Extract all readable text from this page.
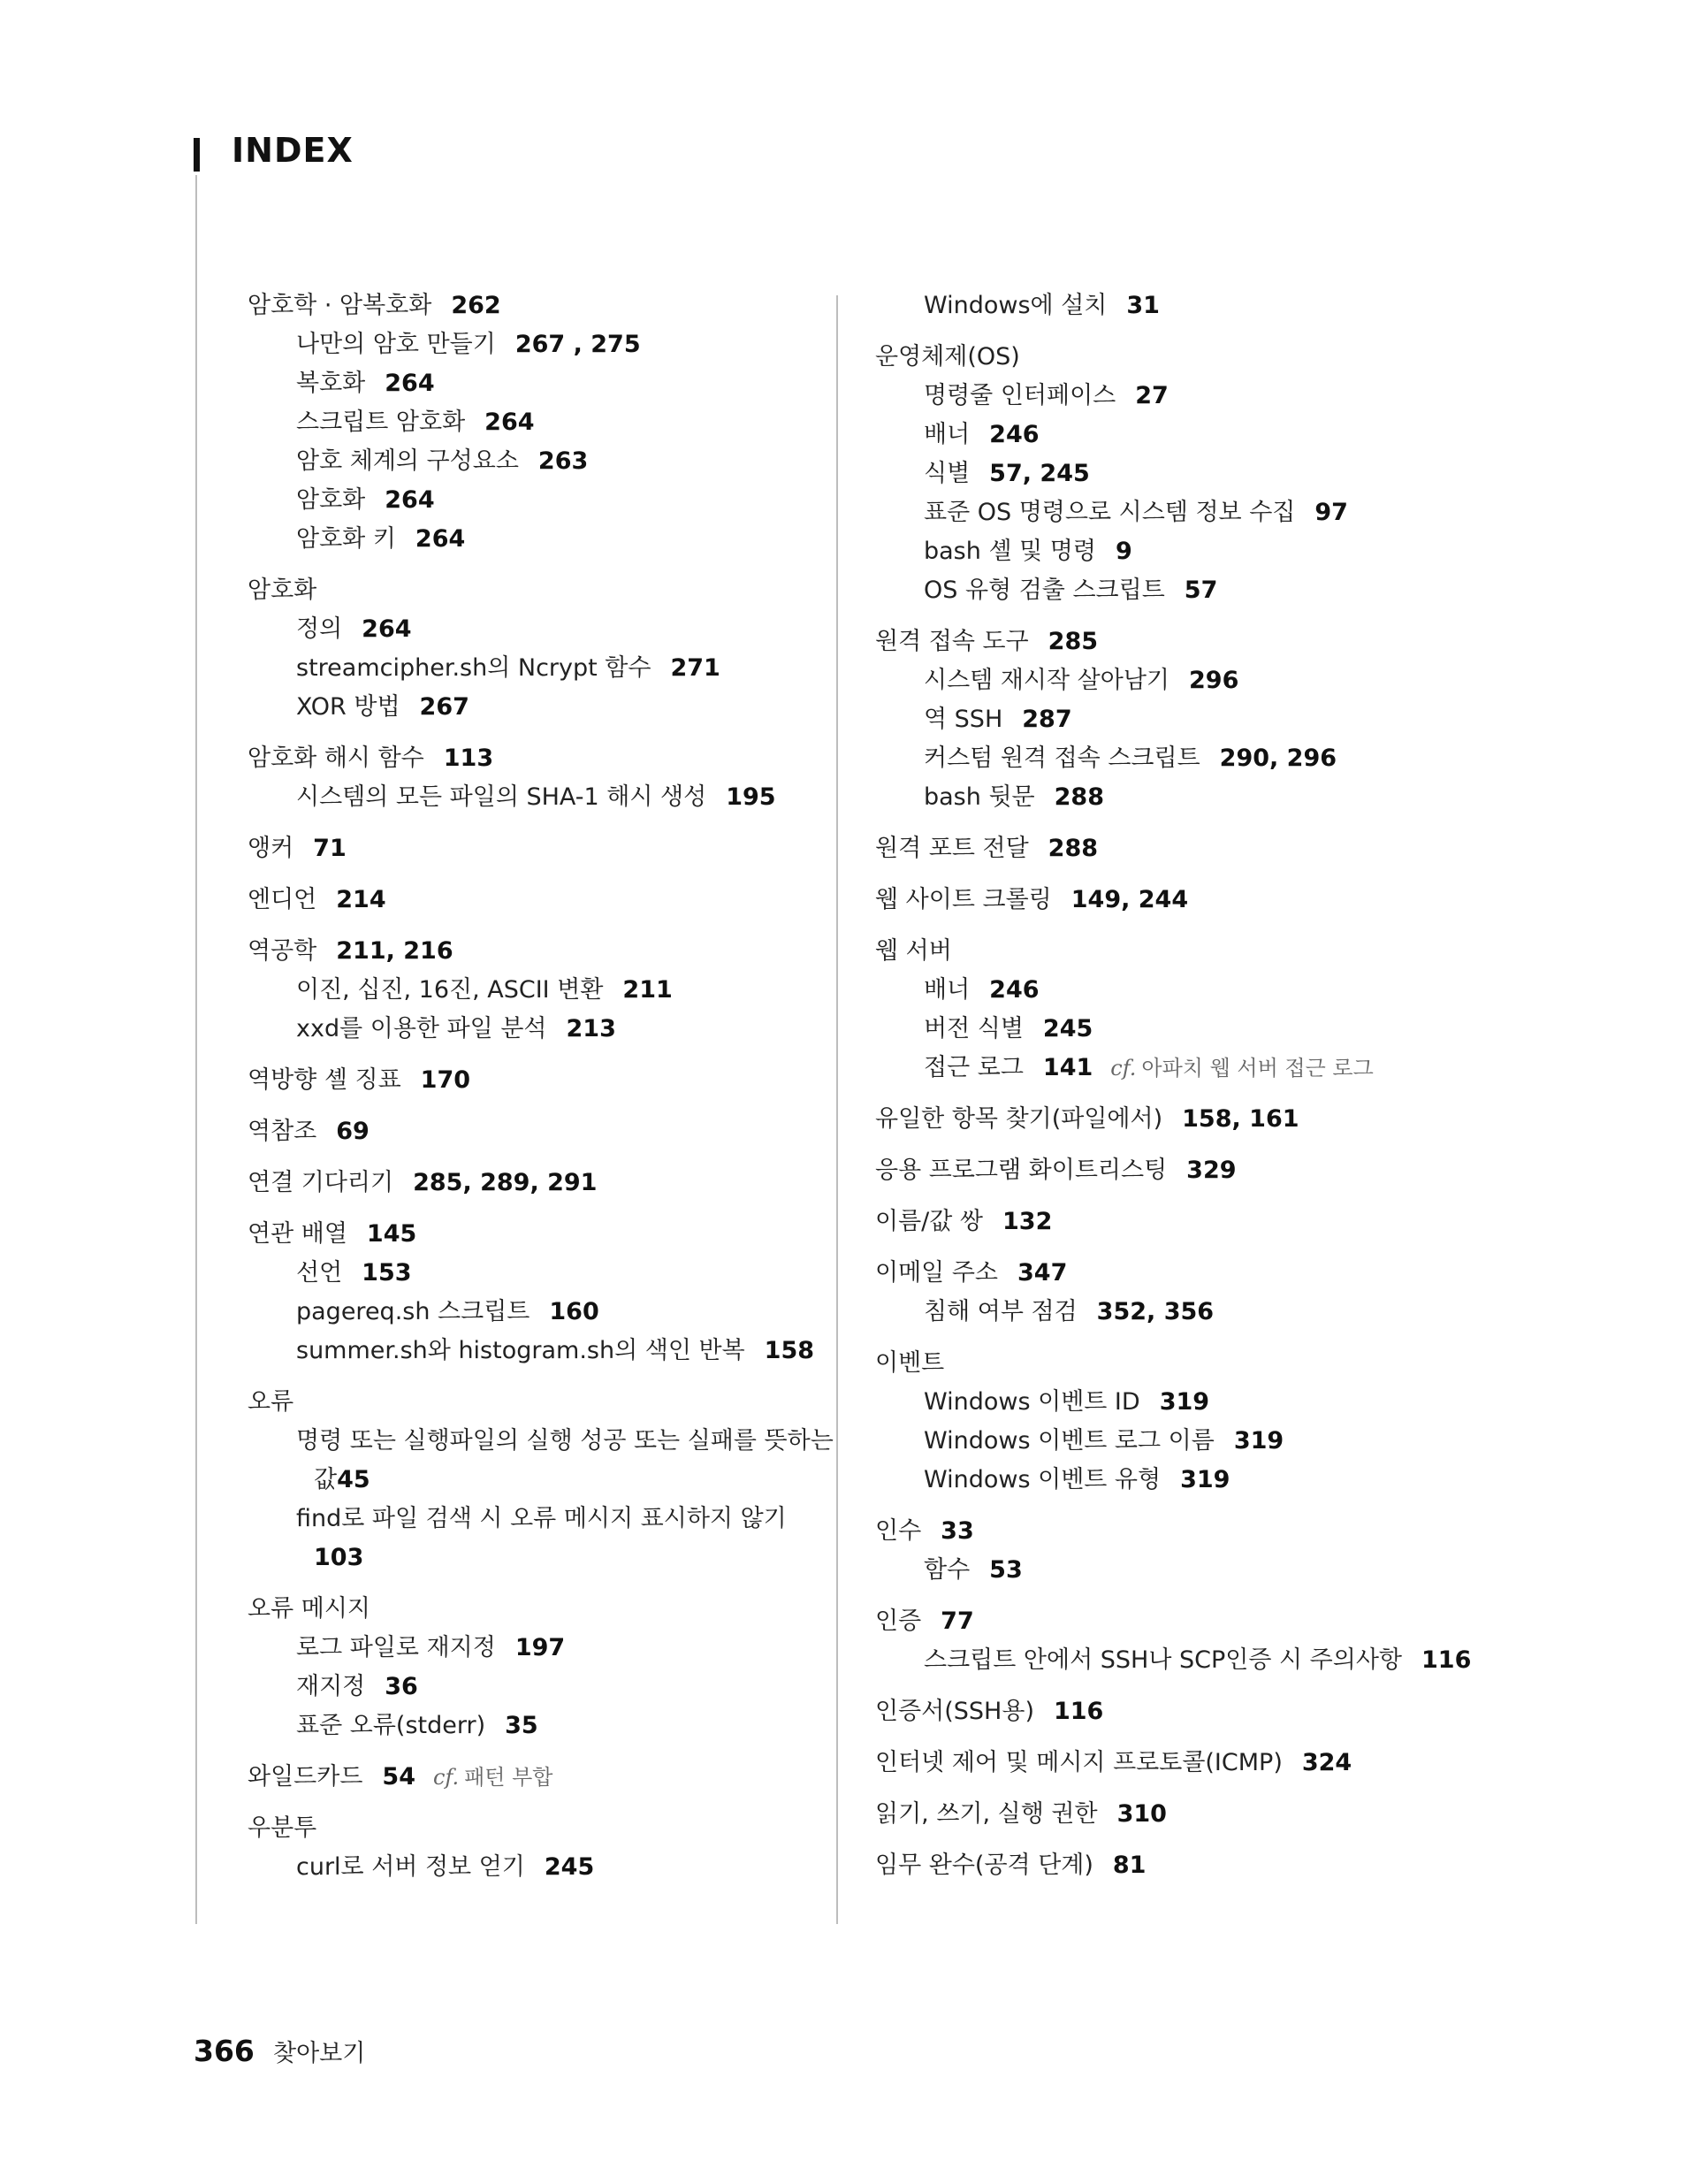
INDEX
암호학 · 암복호화 262
나만의 암호 만들기 267 , 275
복호화 264
스크립트 암호화 264
암호 체계의 구성요소 263
암호화 264
암호화 키 264
암호화
정의 264
streamcipher.sh의 Ncrypt 함수 271
XOR 방법 267
암호화 해시 함수 113
시스템의 모든 파일의 SHA-1 해시 생성 195
앵커 71
엔디언 214
역공학 211, 216
이진, 십진, 16진, ASCII 변환 211
xxd를 이용한 파일 분석 213
역방향 셸 징표 170
역참조 69
연결 기다리기 285, 289, 291
연관 배열 145
선언 153
pagereq.sh 스크립트 160
summer.sh와 histogram.sh의 색인 반복 158
오류
명령 또는 실행파일의 실행 성공 또는 실패를 뜻하는
값45
find로 파일 검색 시 오류 메시지 표시하지 않기
103
오류 메시지
로그 파일로 재지정 197
재지정 36
표준 오류(stderr) 35
와일드카드 54 cf. 패턴 부합
우분투
curl로 서버 정보 얻기 245
Windows에 설치 31
운영체제(OS)
명령줄 인터페이스 27
배너 246
식별 57, 245
표준 OS 명령으로 시스템 정보 수집 97
bash 셸 및 명령 9
OS 유형 검출 스크립트 57
원격 접속 도구 285
시스템 재시작 살아남기 296
역 SSH 287
커스텀 원격 접속 스크립트 290, 296
bash 뒷문 288
원격 포트 전달 288
웹 사이트 크롤링 149, 244
웹 서버
배너 246
버전 식별 245
접근 로그 141 cf. 아파치 웹 서버 접근 로그
유일한 항목 찾기(파일에서) 158, 161
응용 프로그램 화이트리스팅 329
이름/값 쌍 132
이메일 주소 347
침해 여부 점검 352, 356
이벤트
Windows 이벤트 ID 319
Windows 이벤트 로그 이름 319
Windows 이벤트 유형 319
인수 33
함수 53
인증 77
스크립트 안에서 SSH나 SCP인증 시 주의사항 116
인증서(SSH용) 116
인터넷 제어 및 메시지 프로토콜(ICMP) 324
읽기, 쓰기, 실행 권한 310
임무 완수(공격 단계) 81
366 찾아보기
